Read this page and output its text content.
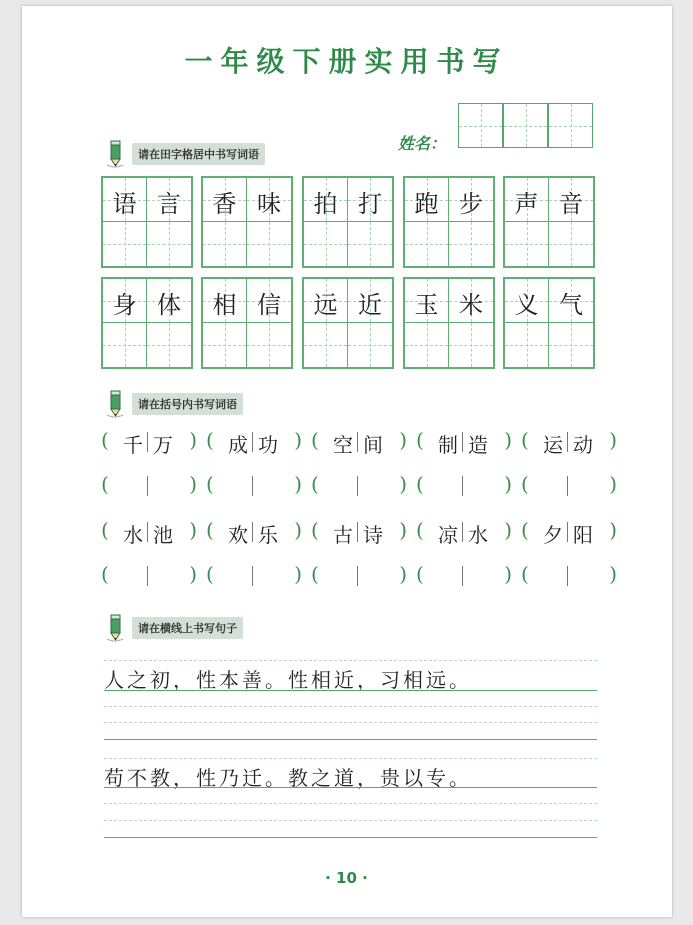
一年级下册实用书写
姓名：
请在田字格居中书写词语
语 言	香 味	拍 打	跑 步	声 音
身 体	相 信	远 近	玉 米	义 气
请在括号内书写词语
( 千 万 ) ( 成 功 ) ( 空 间 ) ( 制 造 ) ( 运 动 )
(	) (	) (	) (	) (	)
( 水 池 ) ( 欢 乐 ) ( 古 诗 ) ( 凉 水 ) ( 夕 阳 )
(	) (	) (	) (	) (	)
请在横线上书写句子
人之初，性本善。性相近，习相远。
苟不教，性乃迁。教之道，贵以专。
· 10 ·
